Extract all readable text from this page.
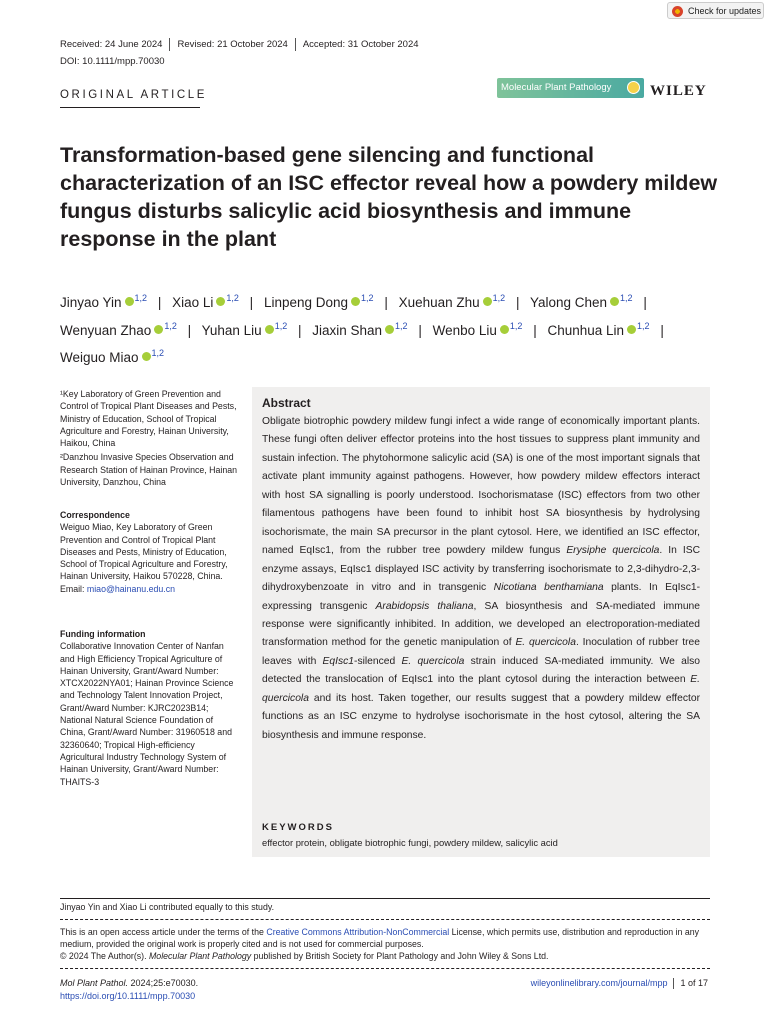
Check for updates
Received: 24 June 2024 Revised: 21 October 2024 Accepted: 31 October 2024
DOI: 10.1111/mpp.70030
ORIGINAL ARTICLE
Molecular Plant Pathology	WILEY
Transformation-based gene silencing and functional characterization of an ISC effector reveal how a powdery mildew fungus disturbs salicylic acid biosynthesis and immune response in the plant
Jinyao Yin $^{1,2}$ | Xiao Li $^{1,2}$ | Linpeng Dong $^{1,2}$ | Xuehuan Zhu $^{1,2}$ | Yalong Chen $^{1,2}$ | Wenyuan Zhao $^{1,2}$ | Yuhan Liu $^{1,2}$ | Jiaxin Shan $^{1,2}$ | Wenbo Liu $^{1,2}$ | Chunhua Lin $^{1,2}$ | Weiguo Miao $^{1,2}$
¹Key Laboratory of Green Prevention and Control of Tropical Plant Diseases and Pests, Ministry of Education, School of Tropical Agriculture and Forestry, Hainan University, Haikou, China
²Danzhou Invasive Species Observation and Research Station of Hainan Province, Hainan University, Danzhou, China
Correspondence
Weiguo Miao, Key Laboratory of Green Prevention and Control of Tropical Plant Diseases and Pests, Ministry of Education, School of Tropical Agriculture and Forestry, Hainan University, Haikou 570228, China.
Email: miao@hainanu.edu.cn
Funding information
Collaborative Innovation Center of Nanfan and High Efficiency Tropical Agriculture of Hainan University, Grant/Award Number: XTCX2022NYA01; Hainan Province Science and Technology Talent Innovation Project, Grant/Award Number: KJRC2023B14; National Natural Science Foundation of China, Grant/Award Number: 31960518 and 32360640; Tropical High-efficiency Agricultural Industry Technology System of Hainan University, Grant/Award Number: THAITS-3
Abstract
Obligate biotrophic powdery mildew fungi infect a wide range of economically important plants. These fungi often deliver effector proteins into the host tissues to suppress plant immunity and sustain infection. The phytohormone salicylic acid (SA) is one of the most important signals that activate plant immunity against pathogens. However, how powdery mildew effectors interact with host SA signalling is poorly understood. Isochorismatase (ISC) effectors from two other filamentous pathogens have been found to inhibit host SA biosynthesis by hydrolysing isochorismate, the main SA precursor in the plant cytosol. Here, we identified an ISC effector, named EqIsc1, from the rubber tree powdery mildew fungus Erysiphe quercicola. In ISC enzyme assays, EqIsc1 displayed ISC activity by transferring isochorismate to 2,3-dihydro-2,3-dihydroxybenzoate in vitro and in transgenic Nicotiana benthamiana plants. In EqIsc1-expressing transgenic Arabidopsis thaliana, SA biosynthesis and SA-mediated immune response were significantly inhibited. In addition, we developed an electroporation-mediated transformation method for the genetic manipulation of E. quercicola. Inoculation of rubber tree leaves with EqIsc1-silenced E. quercicola strain induced SA-mediated immunity. We also detected the translocation of EqIsc1 into the plant cytosol during the interaction between E. quercicola and its host. Taken together, our results suggest that a powdery mildew effector functions as an ISC enzyme to hydrolyse isochorismate in the host cytosol, altering the SA biosynthesis and immune response.
KEYWORDS
effector protein, obligate biotrophic fungi, powdery mildew, salicylic acid
Jinyao Yin and Xiao Li contributed equally to this study.
This is an open access article under the terms of the Creative Commons Attribution-NonCommercial License, which permits use, distribution and reproduction in any medium, provided the original work is properly cited and is not used for commercial purposes.
© 2024 The Author(s). Molecular Plant Pathology published by British Society for Plant Pathology and John Wiley & Sons Ltd.
Mol Plant Pathol. 2024;25:e70030.
https://doi.org/10.1111/mpp.70030
wileyonlinelibrary.com/journal/mpp 1 of 17
